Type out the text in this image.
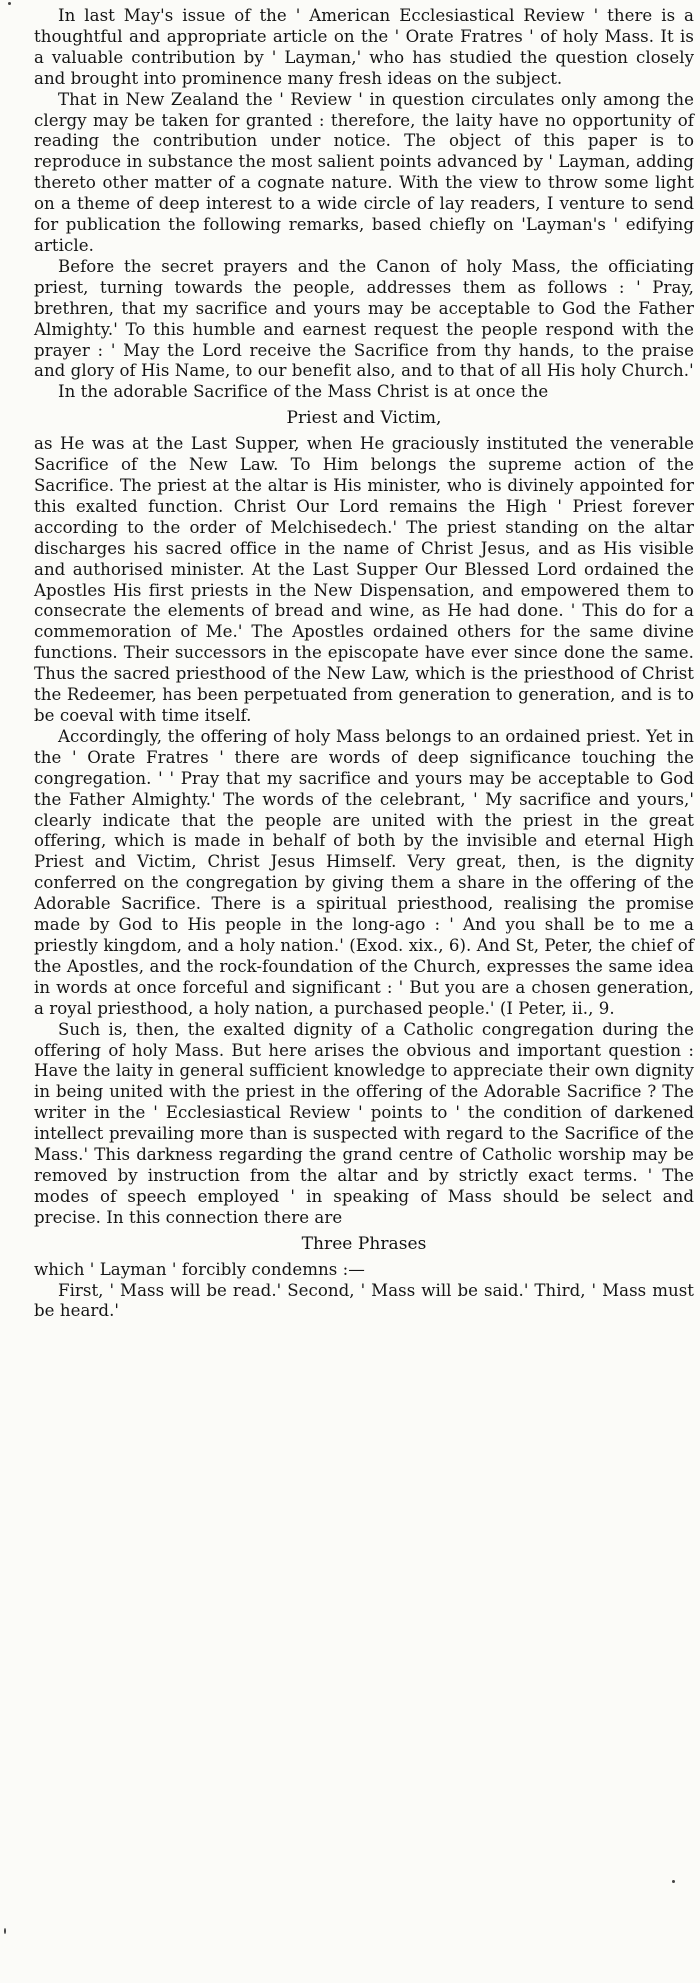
In last May's issue of the ' American Ecclesiastical Review ' there is a thoughtful and appropriate article on the ' Orate Fratres ' of holy Mass. It is a valuable contribution by ' Layman,' who has studied the question closely and brought into prominence many fresh ideas on the subject.

That in New Zealand the ' Review ' in question circulates only among the clergy may be taken for granted : therefore, the laity have no opportunity of reading the contribution under notice. The object of this paper is to reproduce in substance the most salient points advanced by ' Layman, adding thereto other matter of a cognate nature. With the view to throw some light on a theme of deep interest to a wide circle of lay readers, I venture to send for publication the following remarks, based chiefly on 'Layman's ' edifying article.

Before the secret prayers and the Canon of holy Mass, the officiating priest, turning towards the people, addresses them as follows : ' Pray, brethren, that my sacrifice and yours may be acceptable to God the Father Almighty.' To this humble and earnest request the people respond with the prayer : ' May the Lord receive the Sacrifice from thy hands, to the praise and glory of His Name, to our benefit also, and to that of all His holy Church.'

In the adorable Sacrifice of the Mass Christ is at once the

Priest and Victim,

as He was at the Last Supper, when He graciously instituted the venerable Sacrifice of the New Law. To Him belongs the supreme action of the Sacrifice. The priest at the altar is His minister, who is divinely appointed for this exalted function. Christ Our Lord remains the High ' Priest forever according to the order of Melchisedech.' The priest standing on the altar discharges his sacred office in the name of Christ Jesus, and as His visible and authorised minister. At the Last Supper Our Blessed Lord ordained the Apostles His first priests in the New Dispensation, and empowered them to consecrate the elements of bread and wine, as He had done. ' This do for a commemoration of Me.' The Apostles ordained others for the same divine functions. Their successors in the episcopate have ever since done the same. Thus the sacred priesthood of the New Law, which is the priesthood of Christ the Redeemer, has been perpetuated from generation to generation, and is to be coeval with time itself.

Accordingly, the offering of holy Mass belongs to an ordained priest. Yet in the ' Orate Fratres ' there are words of deep significance touching the congregation. ' ' Pray that my sacrifice and yours may be acceptable to God the Father Almighty.' The words of the celebrant, ' My sacrifice and yours,' clearly indicate that the people are united with the priest in the great offering, which is made in behalf of both by the invisible and eternal High Priest and Victim, Christ Jesus Himself. Very great, then, is the dignity conferred on the congregation by giving them a share in the offering of the Adorable Sacrifice. There is a spiritual priesthood, realising the promise made by God to His people in the long-ago : ' And you shall be to me a priestly kingdom, and a holy nation.' (Exod. xix., 6). And St, Peter, the chief of the Apostles, and the rock-foundation of the Church, expresses the same idea in words at once forceful and significant : ' But you are a chosen generation, a royal priesthood, a holy nation, a purchased people.' (I Peter, ii., 9.

Such is, then, the exalted dignity of a Catholic congregation during the offering of holy Mass. But here arises the obvious and important question : Have the laity in general sufficient knowledge to appreciate their own dignity in being united with the priest in the offering of the Adorable Sacrifice ? The writer in the ' Ecclesiastical Review ' points to ' the condition of darkened intellect prevailing more than is suspected with regard to the Sacrifice of the Mass.' This darkness regarding the grand centre of Catholic worship may be removed by instruction from the altar and by strictly exact terms. ' The modes of speech employed ' in speaking of Mass should be select and precise. In this connection there are

Three Phrases

which ' Layman ' forcibly condemns :—

First, ' Mass will be read.' Second, ' Mass will be said.' Third, ' Mass must be heard.'
